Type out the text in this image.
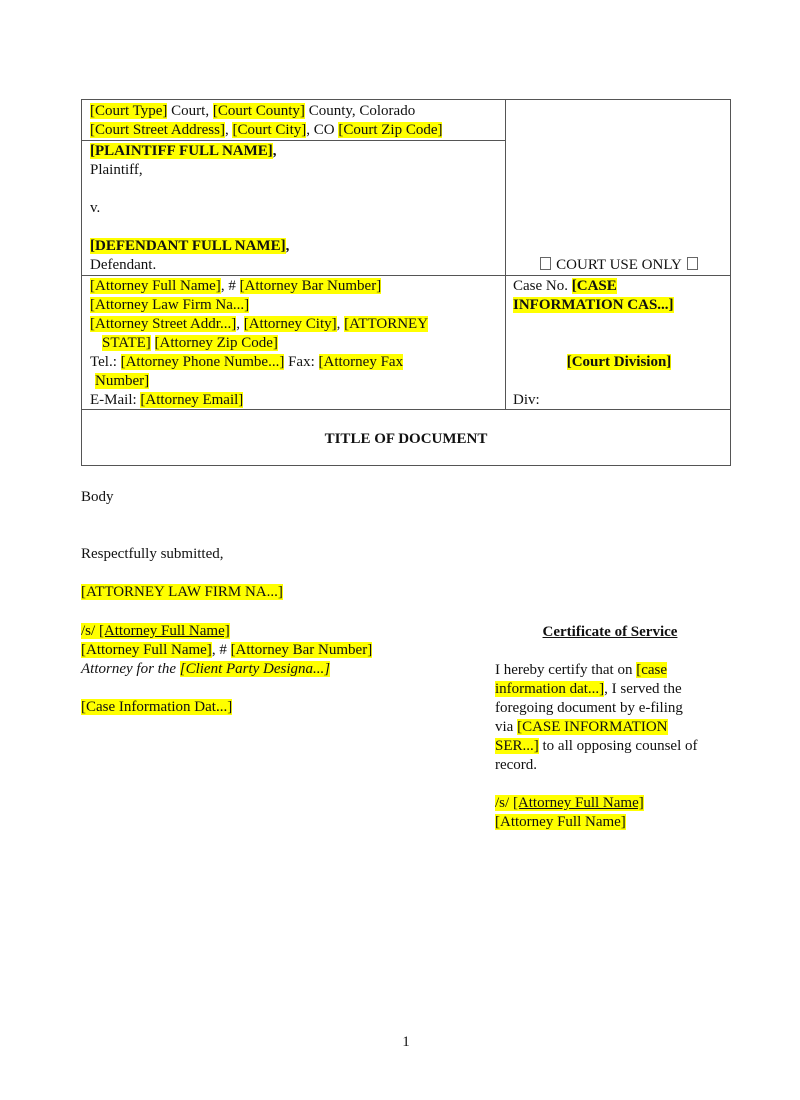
[Court Type] Court, [Court County] County, Colorado
[Court Street Address], [Court City], CO [Court Zip Code]
[PLAINTIFF FULL NAME],
Plaintiff,
v.
[DEFENDANT FULL NAME],
Defendant.	COURT USE ONLY
[Attorney Full Name], # [Attorney Bar Number]
[Attorney Law Firm Na...]
[Attorney Street Addr...], [Attorney City], [ATTORNEY
STATE] [Attorney Zip Code]
Tel.: [Attorney Phone Numbe...] Fax: [Attorney Fax
Number]
E-Mail: [Attorney Email]
Case No. [CASE
INFORMATION CAS...]
[Court Division]
Div:
TITLE OF DOCUMENT
Body
Respectfully submitted,
[ATTORNEY LAW FIRM NA...]
/s/ [Attorney Full Name]
[Attorney Full Name], # [Attorney Bar Number]
Attorney for the [Client Party Designa...]
[Case Information Dat...]
Certificate of Service
I hereby certify that on [case
information dat...], I served the
foregoing document by e-filing
via [CASE INFORMATION
SER...] to all opposing counsel of
record.
/s/ [Attorney Full Name]
[Attorney Full Name]
1
